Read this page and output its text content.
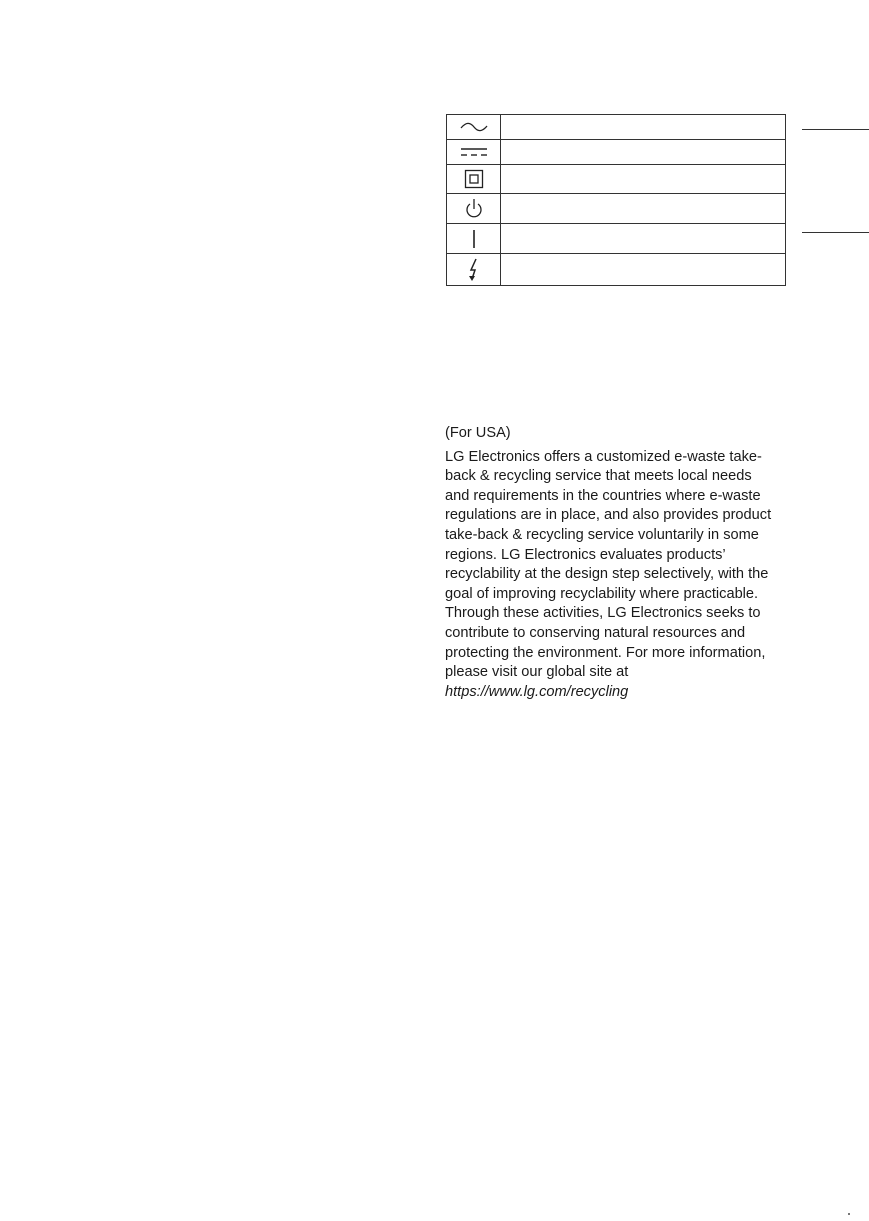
(For USA)

LG Electronics offers a customized e-waste take-back & recycling service that meets local needs and requirements in the countries where e-waste regulations are in place, and also provides product take-back & recycling service voluntarily in some regions. LG Electronics evaluates products’ recyclability at the design step selectively, with the goal of improving recyclability where practicable. Through these activities, LG Electronics seeks to contribute to conserving natural resources and protecting the environment. For more information, please visit our global site at https://www.lg.com/recycling
